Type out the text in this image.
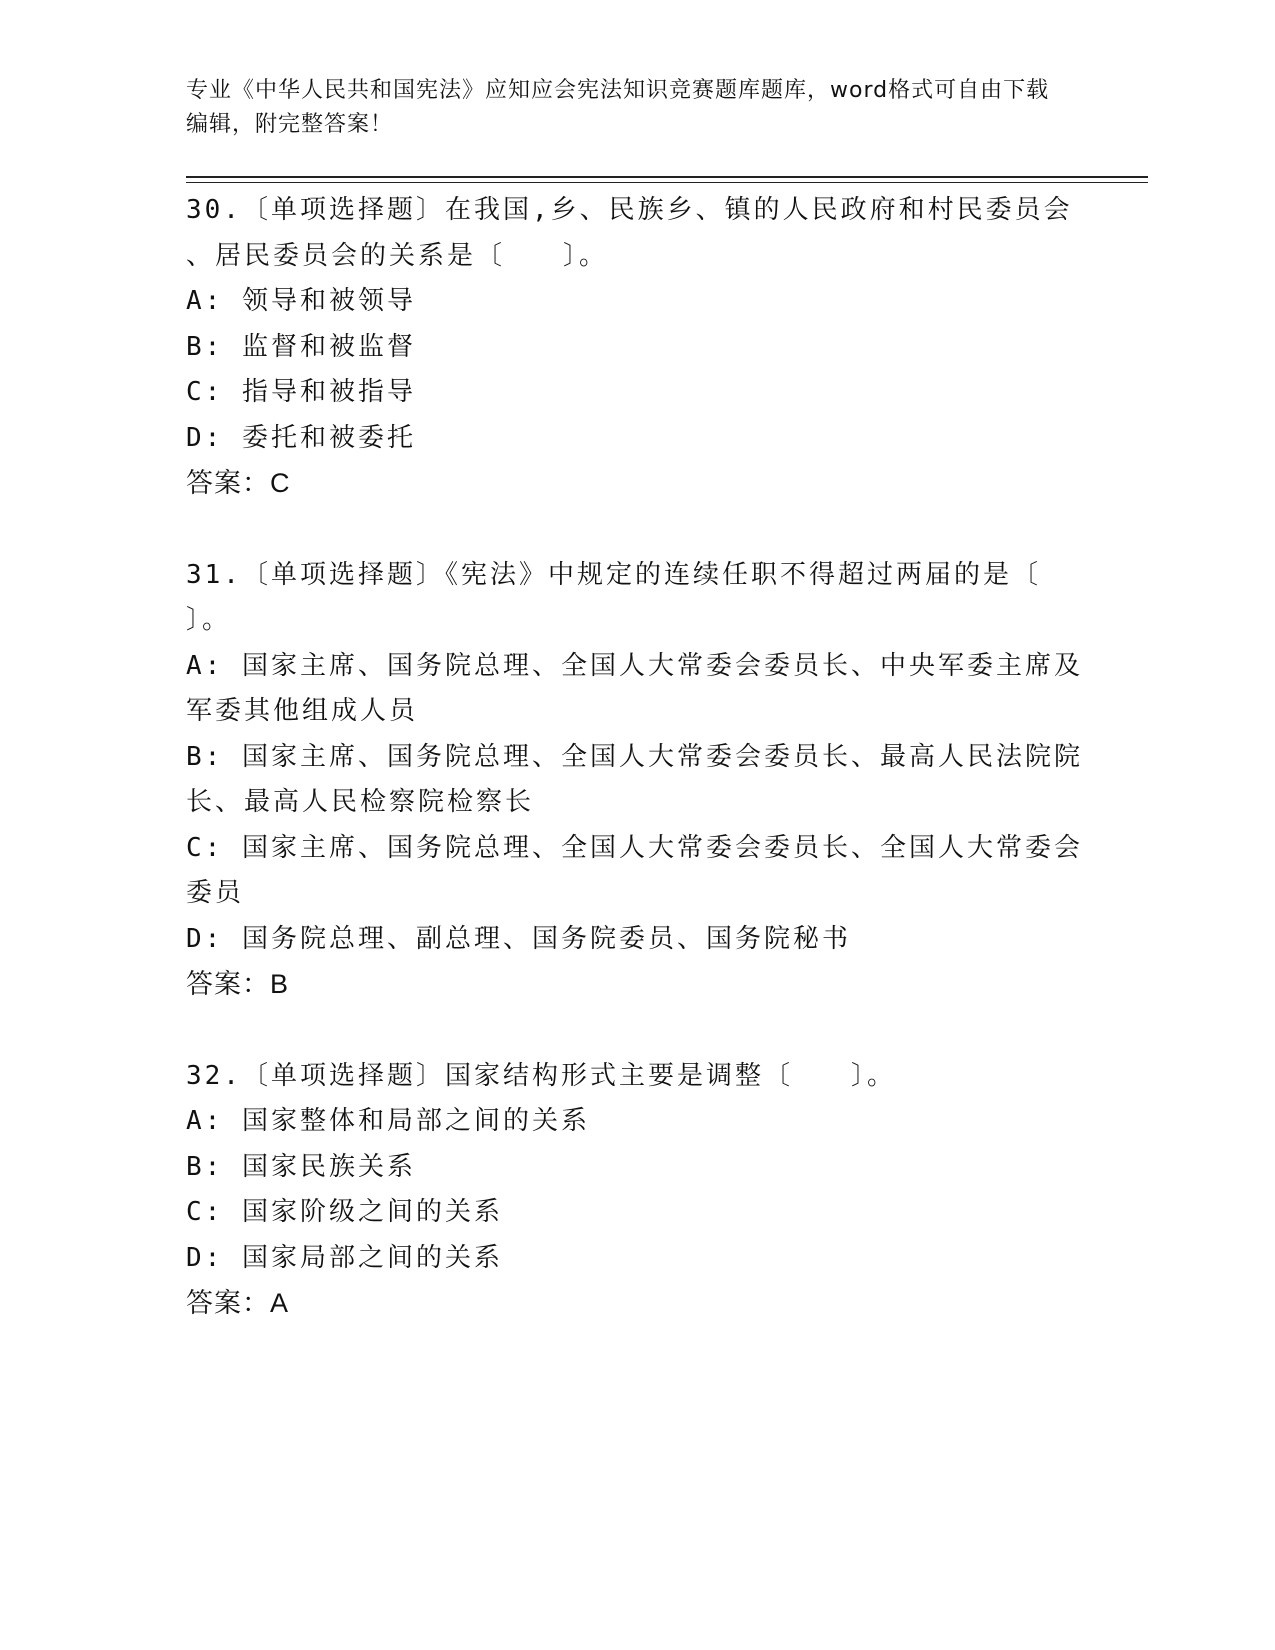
专业《中华人民共和国宪法》应知应会宪法知识竞赛题库题库，word格式可自由下载编辑，附完整答案！

30.〔单项选择题〕在我国,乡、民族乡、镇的人民政府和村民委员会

、居民委员会的关系是〔　　〕。

A: 领导和被领导

B: 监督和被监督

C: 指导和被指导

D: 委托和被委托

答案：C

31.〔单项选择题〕《宪法》中规定的连续任职不得超过两届的是〔

〕。

A: 国家主席、国务院总理、全国人大常委会委员长、中央军委主席及

军委其他组成人员

B: 国家主席、国务院总理、全国人大常委会委员长、最高人民法院院

长、最高人民检察院检察长

C: 国家主席、国务院总理、全国人大常委会委员长、全国人大常委会

委员

D: 国务院总理、副总理、国务院委员、国务院秘书

答案：B

32.〔单项选择题〕国家结构形式主要是调整〔　　〕。

A: 国家整体和局部之间的关系

B: 国家民族关系

C: 国家阶级之间的关系

D: 国家局部之间的关系

答案：A
